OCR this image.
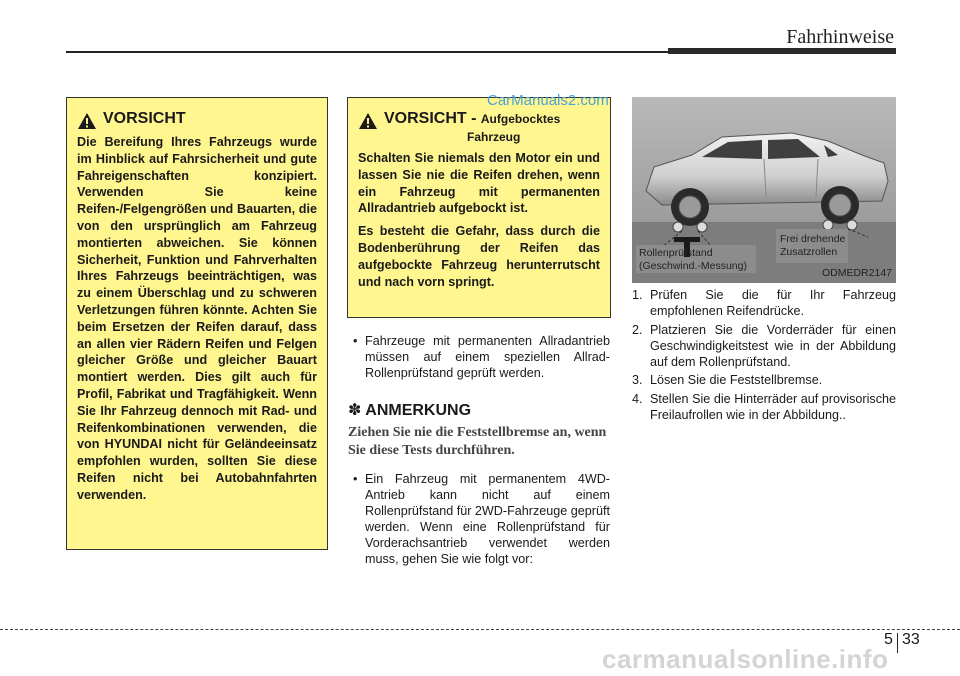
Fahrhinweise
VORSICHT

Die Bereifung Ihres Fahrzeugs wurde im Hinblick auf Fahrsicherheit und gute Fahreigenschaften konzipiert. Verwenden Sie keine Reifen-/Felgengrößen und Bauarten, die von den ursprünglich am Fahrzeug montierten abweichen. Sie können Sicherheit, Funktion und Fahrverhalten Ihres Fahrzeugs beeinträchtigen, was zu einem Überschlag und zu schweren Verletzungen führen könnte. Achten Sie beim Ersetzen der Reifen darauf, dass an allen vier Rädern Reifen und Felgen gleicher Größe und gleicher Bauart montiert werden. Dies gilt auch für Profil, Fabrikat und Tragfähigkeit. Wenn Sie Ihr Fahrzeug dennoch mit Rad- und Reifenkombinationen verwenden, die von HYUNDAI nicht für Geländeeinsatz empfohlen wurden, sollten Sie diese Reifen nicht bei Autobahnfahrten verwenden.

VORSICHT - Aufgebocktes
Fahrzeug

Schalten Sie niemals den Motor ein und lassen Sie nie die Reifen drehen, wenn ein Fahrzeug mit permanenten Allradantrieb aufgebockt ist.

Es besteht die Gefahr, dass durch die Bodenberührung der Reifen das aufgebockte Fahrzeug herunterrutscht und nach vorn springt.

CarManuals2.com
• Fahrzeuge mit permanenten Allradantrieb müssen auf einem speziellen Allrad-Rollenprüfstand geprüft werden.
✽ ANMERKUNG
Ziehen Sie nie die Feststellbremse an, wenn Sie diese Tests durchführen.
• Ein Fahrzeug mit permanentem 4WD-Antrieb kann nicht auf einem Rollenprüfstand für 2WD-Fahrzeuge geprüft werden. Wenn eine Rollenprüfstand für Vorderachsantrieb verwendet werden muss, gehen Sie wie folgt vor:
Rollenprüfstand
(Geschwind.-Messung)
Frei drehende
Zusatzrollen
ODMEDR2147
1. Prüfen Sie die für Ihr Fahrzeug empfohlenen Reifendrücke.
2. Platzieren Sie die Vorderräder für einen Geschwindigkeitstest wie in der Abbildung auf dem Rollenprüfstand.
3. Lösen Sie die Feststellbremse.
4. Stellen Sie die Hinterräder auf provisorische Freilaufrollen wie in der Abbildung..
5 33
carmanualsonline.info
